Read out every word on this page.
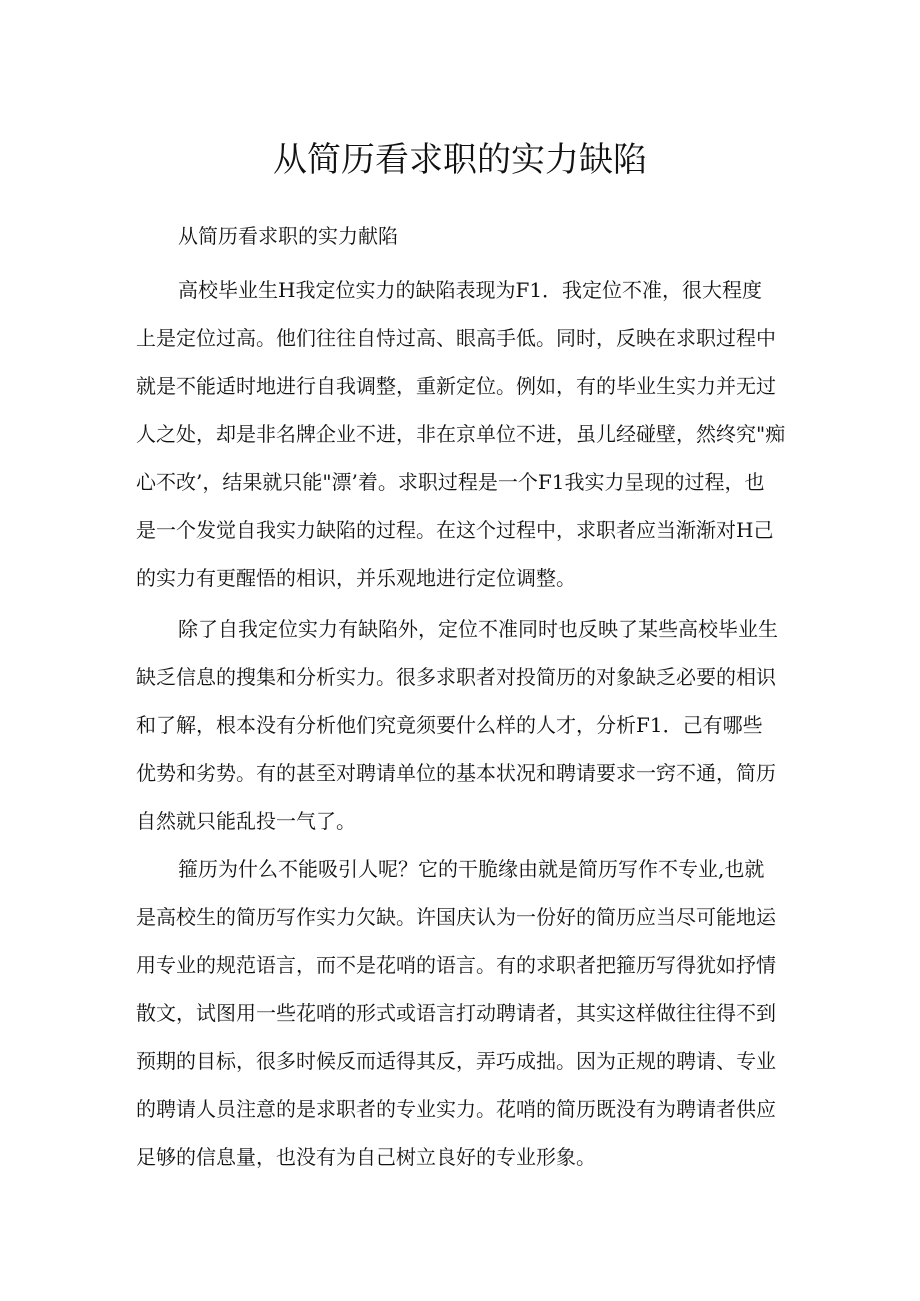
从简历看求职的实力缺陷

从简历看求职的实力献陷

高校毕业生H我定位实力的缺陷表现为F1．我定位不准，很大程度
上是定位过高。他们往往自恃过高、眼高手低。同时，反映在求职过程中
就是不能适时地进行自我调整，重新定位。例如，有的毕业生实力并无过
人之处，却是非名牌企业不进，非在京单位不进，虽儿经碰壁，然终究"痴
心不改’，结果就只能"漂’着。求职过程是一个F1我实力呈现的过程，也
是一个发觉自我实力缺陷的过程。在这个过程中，求职者应当渐渐对H己
的实力有更醒悟的相识，并乐观地进行定位调整。
除了自我定位实力有缺陷外，定位不准同时也反映了某些高校毕业生
缺乏信息的搜集和分析实力。很多求职者对投简历的对象缺乏必要的相识
和了解，根本没有分析他们究竟须要什么样的人才，分析F1．己有哪些
优势和劣势。有的甚至对聘请单位的基本状况和聘请要求一窍不通，简历
自然就只能乱投一气了。
箍历为什么不能吸引人呢？它的干脆缘由就是简历写作不专业,也就
是高校生的简历写作实力欠缺。许国庆认为一份好的简历应当尽可能地运
用专业的规范语言，而不是花哨的语言。有的求职者把箍历写得犹如抒情
散文，试图用一些花哨的形式或语言打动聘请者，其实这样做往往得不到
预期的目标，很多时候反而适得其反，弄巧成拙。因为正规的聘请、专业
的聘请人员注意的是求职者的专业实力。花哨的简历既没有为聘请者供应
足够的信息量，也没有为自己树立良好的专业形象。
